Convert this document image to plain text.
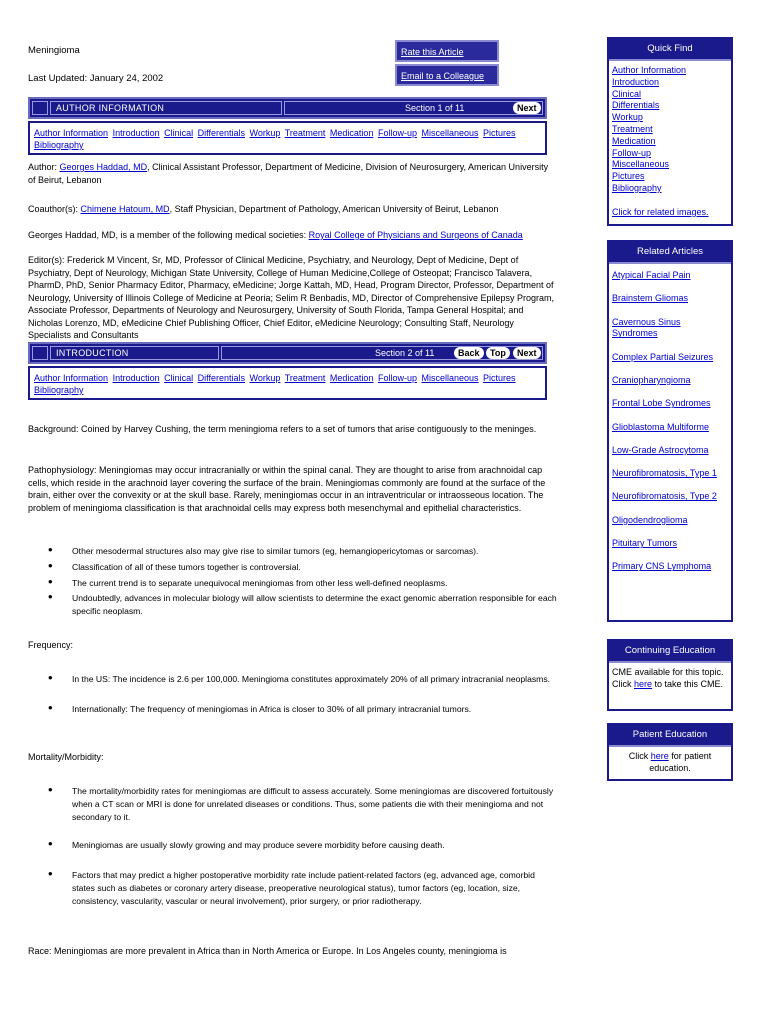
Meningioma
Last Updated: January 24, 2002
Rate this Article
Email to a Colleague
AUTHOR INFORMATION	Section 1 of 11	Next
Author Information Introduction Clinical Differentials Workup Treatment Medication Follow-up Miscellaneous Pictures Bibliography
Author: Georges Haddad, MD, Clinical Assistant Professor, Department of Medicine, Division of Neurosurgery, American University of Beirut, Lebanon
Coauthor(s): Chimene Hatoum, MD, Staff Physician, Department of Pathology, American University of Beirut, Lebanon
Georges Haddad, MD, is a member of the following medical societies: Royal College of Physicians and Surgeons of Canada
Editor(s): Frederick M Vincent, Sr, MD, Professor of Clinical Medicine, Psychiatry, and Neurology, Dept of Medicine, Dept of Psychiatry, Dept of Neurology, Michigan State University, College of Human Medicine,College of Osteopat; Francisco Talavera, PharmD, PhD, Senior Pharmacy Editor, Pharmacy, eMedicine; Jorge Kattah, MD, Head, Program Director, Professor, Department of Neurology, University of Illinois College of Medicine at Peoria; Selim R Benbadis, MD, Director of Comprehensive Epilepsy Program, Associate Professor, Departments of Neurology and Neurosurgery, University of South Florida, Tampa General Hospital; and Nicholas Lorenzo, MD, eMedicine Chief Publishing Officer, Chief Editor, eMedicine Neurology; Consulting Staff, Neurology Specialists and Consultants
INTRODUCTION	Section 2 of 11	Back	Top	Next
Author Information Introduction Clinical Differentials Workup Treatment Medication Follow-up Miscellaneous Pictures Bibliography
Background: Coined by Harvey Cushing, the term meningioma refers to a set of tumors that arise contiguously to the meninges.
Pathophysiology: Meningiomas may occur intracranially or within the spinal canal. They are thought to arise from arachnoidal cap cells, which reside in the arachnoid layer covering the surface of the brain. Meningiomas commonly are found at the surface of the brain, either over the convexity or at the skull base. Rarely, meningiomas occur in an intraventricular or intraosseous location. The problem of meningioma classification is that arachnoidal cells may express both mesenchymal and epithelial characteristics.
• Other mesodermal structures also may give rise to similar tumors (eg, hemangiopericytomas or sarcomas).
• Classification of all of these tumors together is controversial.
• The current trend is to separate unequivocal meningiomas from other less well-defined neoplasms.
• Undoubtedly, advances in molecular biology will allow scientists to determine the exact genomic aberration responsible for each specific neoplasm.
Frequency:
• In the US: The incidence is 2.6 per 100,000. Meningioma constitutes approximately 20% of all primary intracranial neoplasms.
• Internationally: The frequency of meningiomas in Africa is closer to 30% of all primary intracranial tumors.
Mortality/Morbidity:
• The mortality/morbidity rates for meningiomas are difficult to assess accurately. Some meningiomas are discovered fortuitously when a CT scan or MRI is done for unrelated diseases or conditions. Thus, some patients die with their meningioma and not secondary to it.
• Meningiomas are usually slowly growing and may produce severe morbidity before causing death.
• Factors that may predict a higher postoperative morbidity rate include patient-related factors (eg, advanced age, comorbid states such as diabetes or coronary artery disease, preoperative neurological status), tumor factors (eg, location, size, consistency, vascularity, vascular or neural involvement), prior surgery, or prior radiotherapy.
Race: Meningiomas are more prevalent in Africa than in North America or Europe. In Los Angeles county, meningioma is
Quick Find
Author Information
Introduction
Clinical
Differentials
Workup
Treatment
Medication
Follow-up
Miscellaneous
Pictures
Bibliography
Click for related images.
Related Articles
Atypical Facial Pain
Brainstem Gliomas
Cavernous Sinus Syndromes
Complex Partial Seizures
Craniopharyngioma
Frontal Lobe Syndromes
Glioblastoma Multiforme
Low-Grade Astrocytoma
Neurofibromatosis, Type 1
Neurofibromatosis, Type 2
Oligodendroglioma
Pituitary Tumors
Primary CNS Lymphoma
Continuing Education
CME available for this topic. Click here to take this CME.
Patient Education
Click here for patient education.
